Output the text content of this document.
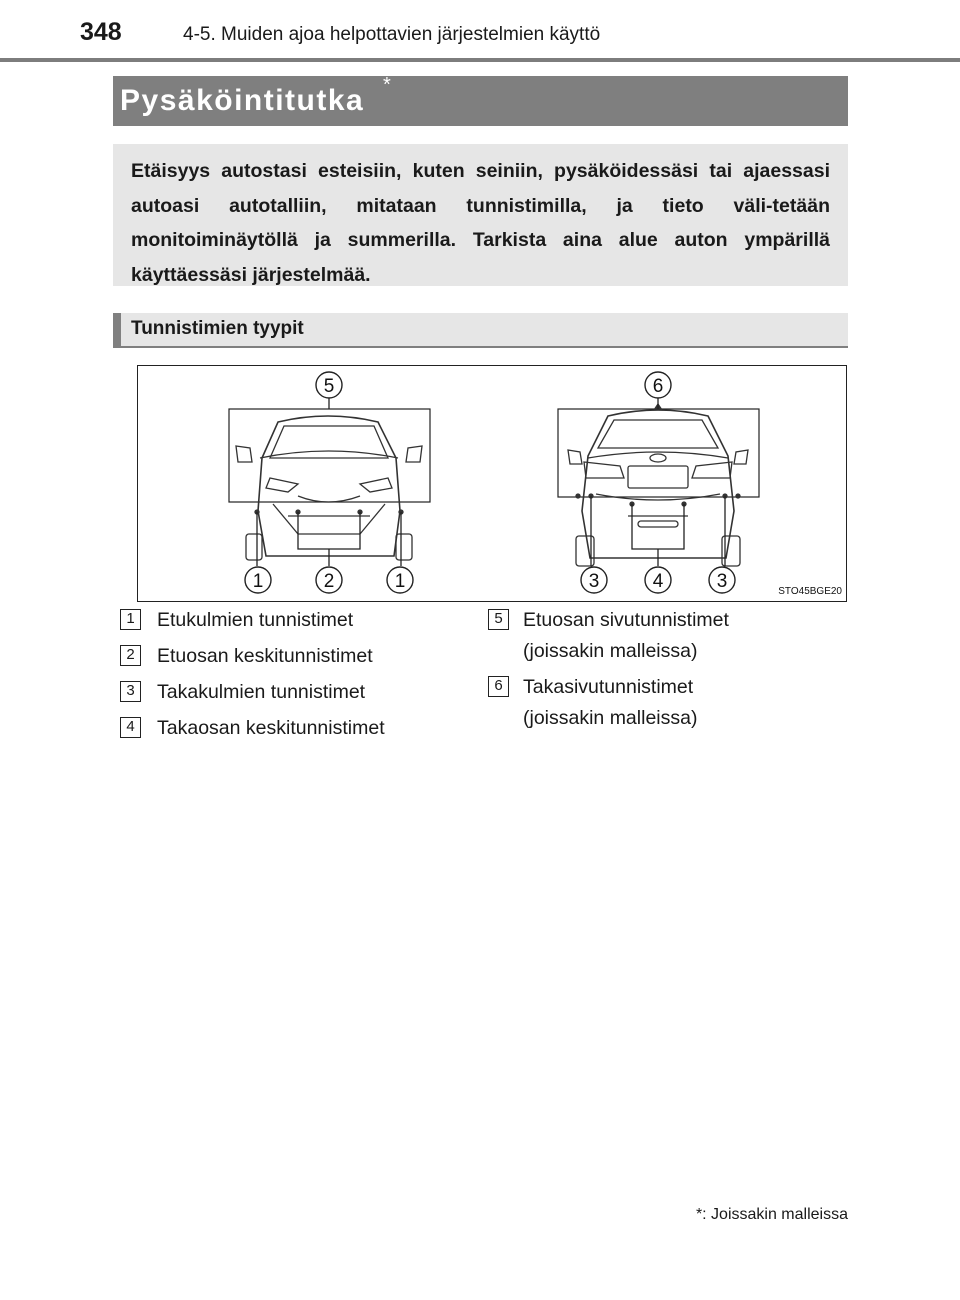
348	4-5. Muiden ajoa helpottavien järjestelmien käyttö
Pysäköintitutka *

Etäisyys autostasi esteisiin, kuten seiniin, pysäköidessäsi tai ajaessasi autoasi autotalliin, mitataan tunnistimilla, ja tieto väli-tetään monitoiminäytöllä ja summerilla. Tarkista aina alue auton ympärillä käyttäessäsi järjestelmää.

Tunnistimien tyypit
5	6
1	2	1	3	4	3	STO45BGE20
1	Etukulmien tunnistimet
2	Etuosan keskitunnistimet
3	Takakulmien tunnistimet
4	Takaosan keskitunnistimet
5	Etuosan sivutunnistimet
(joissakin malleissa)
6	Takasivutunnistimet
(joissakin malleissa)
*: Joissakin malleissa
